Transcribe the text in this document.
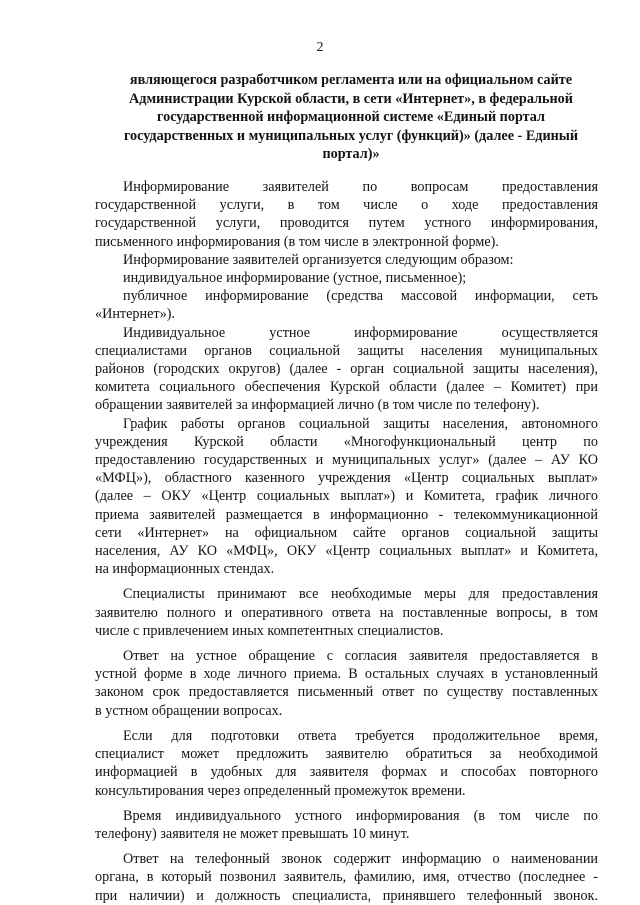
2
являющегося разработчиком регламента или на официальном сайте
Администрации Курской области, в сети «Интернет», в федеральной
государственной информационной системе «Единый портал
государственных и муниципальных услуг (функций)» (далее - Единый
портал)»

Информирование заявителей по вопросам предоставления
государственной услуги, в том числе о ходе предоставления
государственной услуги, проводится путем устного информирования,
письменного информирования (в том числе в электронной форме).

Информирование заявителей организуется следующим образом:

индивидуальное информирование (устное, письменное);

публичное информирование (средства массовой информации, сеть
«Интернет»).

Индивидуальное устное информирование осуществляется
специалистами органов социальной защиты населения муниципальных
районов (городских округов) (далее - орган социальной защиты населения),
комитета социального обеспечения Курской области (далее – Комитет) при
обращении заявителей за информацией лично (в том числе по телефону).

График работы органов социальной защиты населения, автономного
учреждения Курской области «Многофункциональный центр по
предоставлению государственных и муниципальных услуг» (далее – АУ КО
«МФЦ»), областного казенного учреждения «Центр социальных выплат»
(далее – ОКУ «Центр социальных выплат») и Комитета, график личного
приема заявителей размещается в информационно - телекоммуникационной
сети «Интернет» на официальном сайте органов социальной защиты
населения, АУ КО «МФЦ», ОКУ «Центр социальных выплат» и Комитета,
на информационных стендах.

Специалисты принимают все необходимые меры для предоставления
заявителю полного и оперативного ответа на поставленные вопросы, в том
числе с привлечением иных компетентных специалистов.

Ответ на устное обращение с согласия заявителя предоставляется в
устной форме в ходе личного приема. В остальных случаях в установленный
законом срок предоставляется письменный ответ по существу поставленных
в устном обращении вопросах.

Если для подготовки ответа требуется продолжительное время,
специалист может предложить заявителю обратиться за необходимой
информацией в удобных для заявителя формах и способах повторного
консультирования через определенный промежуток времени.

Время индивидуального устного информирования (в том числе по
телефону) заявителя не может превышать 10 минут.

Ответ на телефонный звонок содержит информацию о наименовании
органа, в который позвонил заявитель, фамилию, имя, отчество (последнее -
при наличии) и должность специалиста, принявшего телефонный звонок.
